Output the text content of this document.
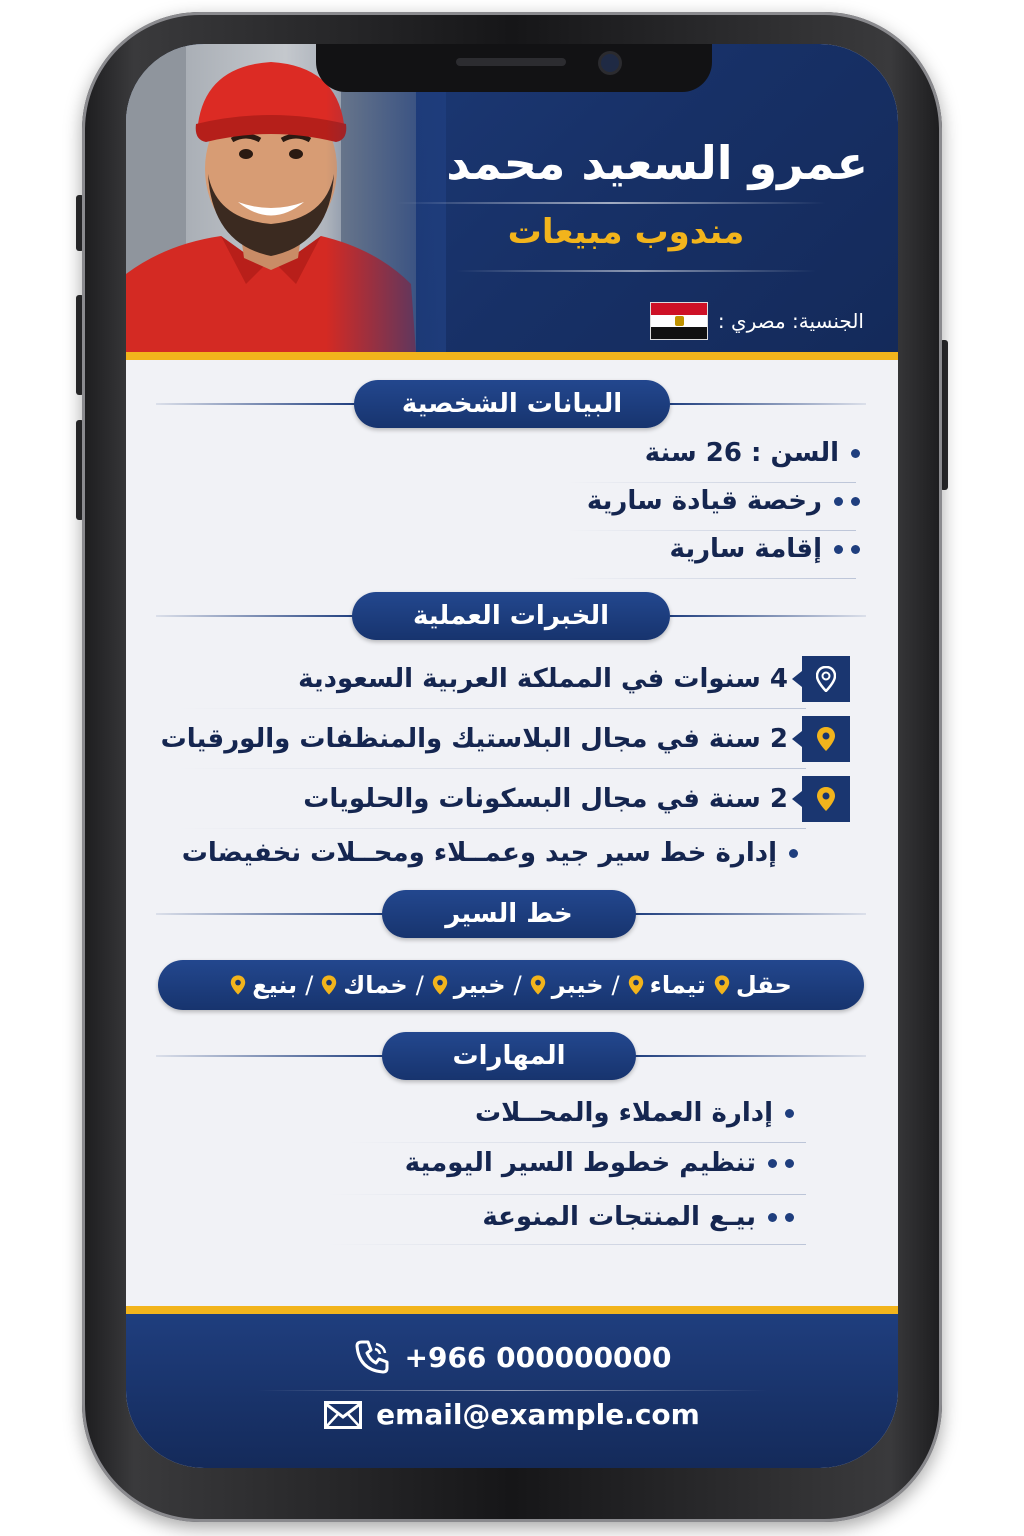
عمرو السعيد محمد
مندوب مبيعات
الجنسية: مصري :
البيانات الشخصية
السن : 26 سنة
رخصة قيادة سارية
إقامة سارية
الخبرات العملية
4 سنوات في المملكة العربية السعودية
2 سنة في مجال البلاستيك والمنظفات والورقيات
2 سنة في مجال البسكونات والحلويات
إدارة خط سير جيد وعمــلاء ومحــلات نخفيضات
خط السير
حقل
تيماء
/
خيبر
/
خبير
/
خماك
/
بنيع
المهارات
إدارة العملاء والمحــلات
تنظيم خطوط السير اليومية
بيـع المنتجات المنوعة
+966 000000000
email@example.com
